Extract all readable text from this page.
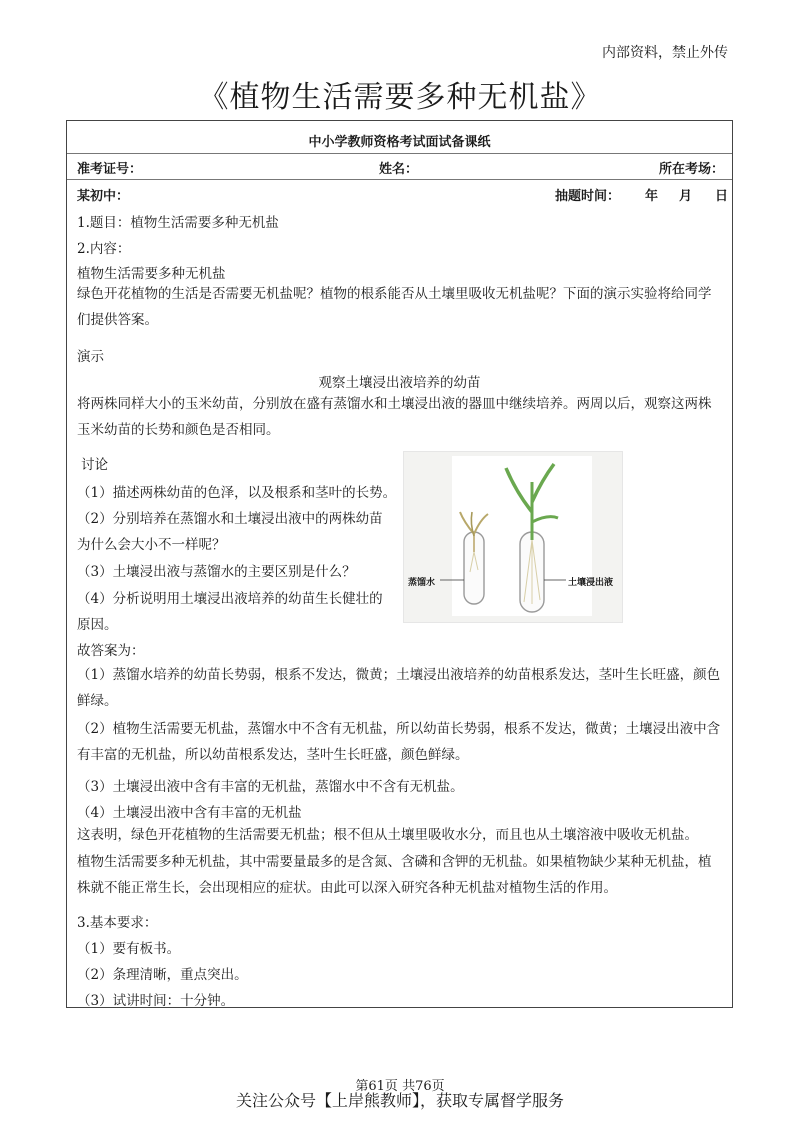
内部资料，禁止外传
《植物生活需要多种无机盐》
中小学教师资格考试面试备课纸
准考证号：	姓名：	所在考场：
某初中：	抽题时间： 年 月 日
1.题目：植物生活需要多种无机盐
2.内容：
植物生活需要多种无机盐
绿色开花植物的生活是否需要无机盐呢？植物的根系能否从土壤里吸收无机盐呢？下面的演示实验将给同学们提供答案。
演示
观察土壤浸出液培养的幼苗
将两株同样大小的玉米幼苗，分别放在盛有蒸馏水和土壤浸出液的器皿中继续培养。两周以后，观察这两株玉米幼苗的长势和颜色是否相同。
讨论
（1）描述两株幼苗的色泽，以及根系和茎叶的长势。
（2）分别培养在蒸馏水和土壤浸出液中的两株幼苗
为什么会大小不一样呢？
（3）土壤浸出液与蒸馏水的主要区别是什么？
（4）分析说明用土壤浸出液培养的幼苗生长健壮的
原因。
蒸馏水	土壤浸出液
故答案为：
（1）蒸馏水培养的幼苗长势弱，根系不发达，微黄；土壤浸出液培养的幼苗根系发达，茎叶生长旺盛，颜色鲜绿。
（2）植物生活需要无机盐，蒸馏水中不含有无机盐，所以幼苗长势弱，根系不发达，微黄；土壤浸出液中含有丰富的无机盐，所以幼苗根系发达，茎叶生长旺盛，颜色鲜绿。
（3）土壤浸出液中含有丰富的无机盐，蒸馏水中不含有无机盐。
（4）土壤浸出液中含有丰富的无机盐
这表明，绿色开花植物的生活需要无机盐；根不但从土壤里吸收水分，而且也从土壤溶液中吸收无机盐。
植物生活需要多种无机盐，其中需要量最多的是含氮、含磷和含钾的无机盐。如果植物缺少某种无机盐，植株就不能正常生长，会出现相应的症状。由此可以深入研究各种无机盐对植物生活的作用。
3.基本要求：
（1）要有板书。
（2）条理清晰，重点突出。
（3）试讲时间：十分钟。
第61页 共76页
关注公众号【上岸熊教师】，获取专属督学服务
